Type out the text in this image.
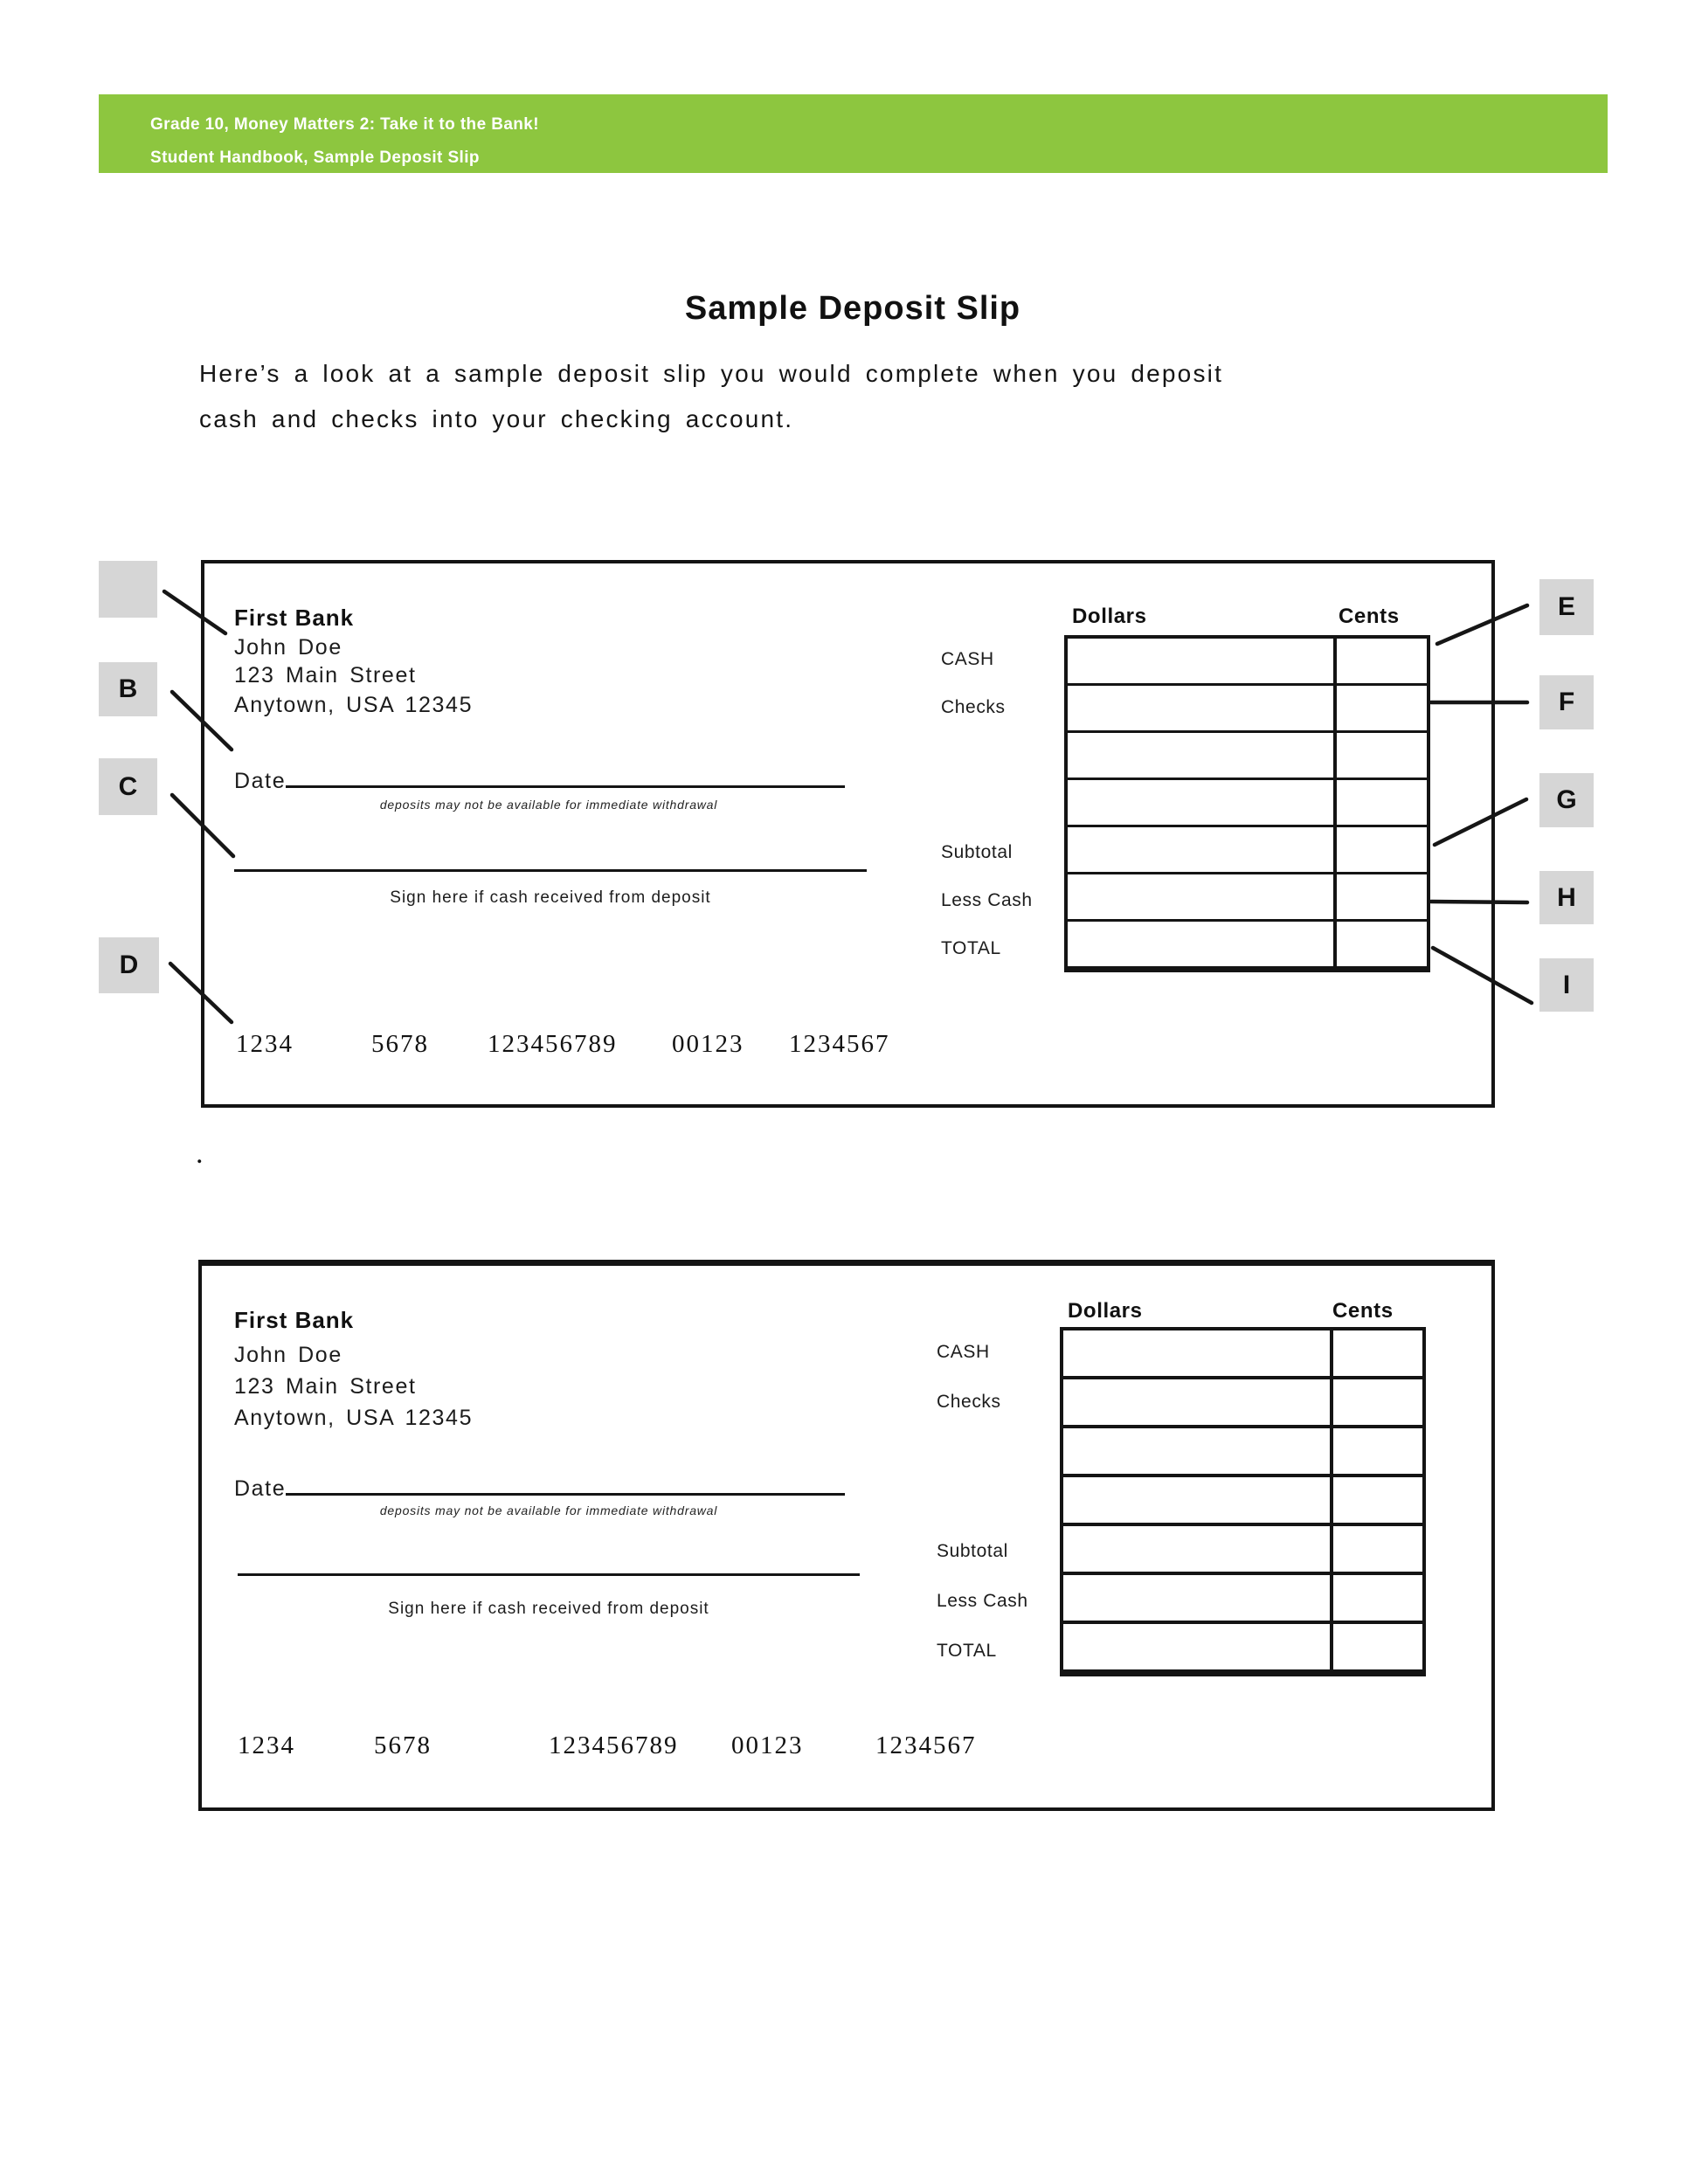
Grade 10, Money Matters 2: Take it to the Bank!
Student Handbook, Sample Deposit Slip
Sample Deposit Slip
Here’s a look at a sample deposit slip you would complete when you deposit
cash and checks into your checking account.
.
First Bank
John Doe
123 Main Street
Anytown, USA 12345
Date
deposits may not be available for immediate withdrawal
Sign here if cash received from deposit
Dollars	Cents
CASH
Checks
Subtotal
Less Cash
TOTAL
1234	5678 123456789 00123 1234567
First Bank
John Doe
123 Main Street
Anytown, USA 12345
Date
deposits may not be available for immediate withdrawal
Sign here if cash received from deposit
Dollars	Cents
CASH
Checks
Subtotal
Less Cash
TOTAL
1234	5678	123456789 00123	1234567
B
C
D
E
F
G
H
I
